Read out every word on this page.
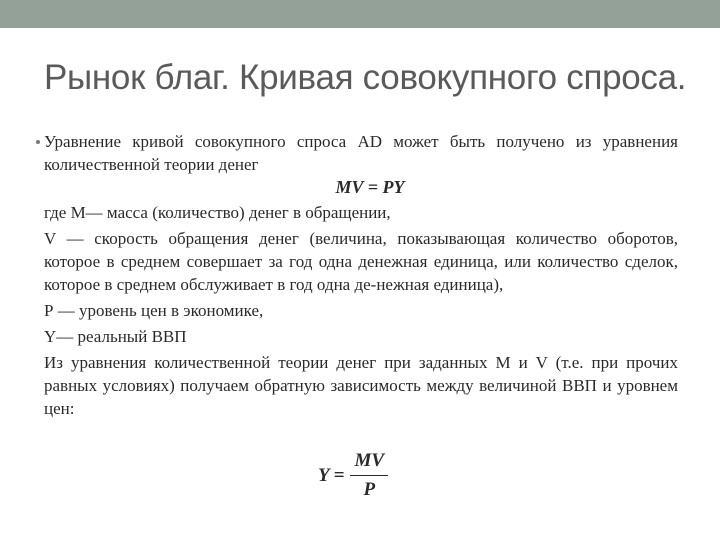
Рынок благ. Кривая совокупного спроса.

Уравнение кривой совокупного спроса AD может быть получено из уравнения количественной теории денег

MV = PY

где М— масса (количество) денег в обращении,

V — скорость обращения денег (величина, показывающая количество оборотов, которое в среднем совершает за год одна денежная единица, или количество сделок, которое в среднем обслуживает в год одна де-нежная единица),

Р — уровень цен в экономике,

Y— реальный ВВП

Из уравнения количественной теории денег при заданных М и V (т.е. при прочих равных условиях) получаем обратную зависимость между величиной ВВП и уровнем цен:

$Y = \frac{MV}{P}$
